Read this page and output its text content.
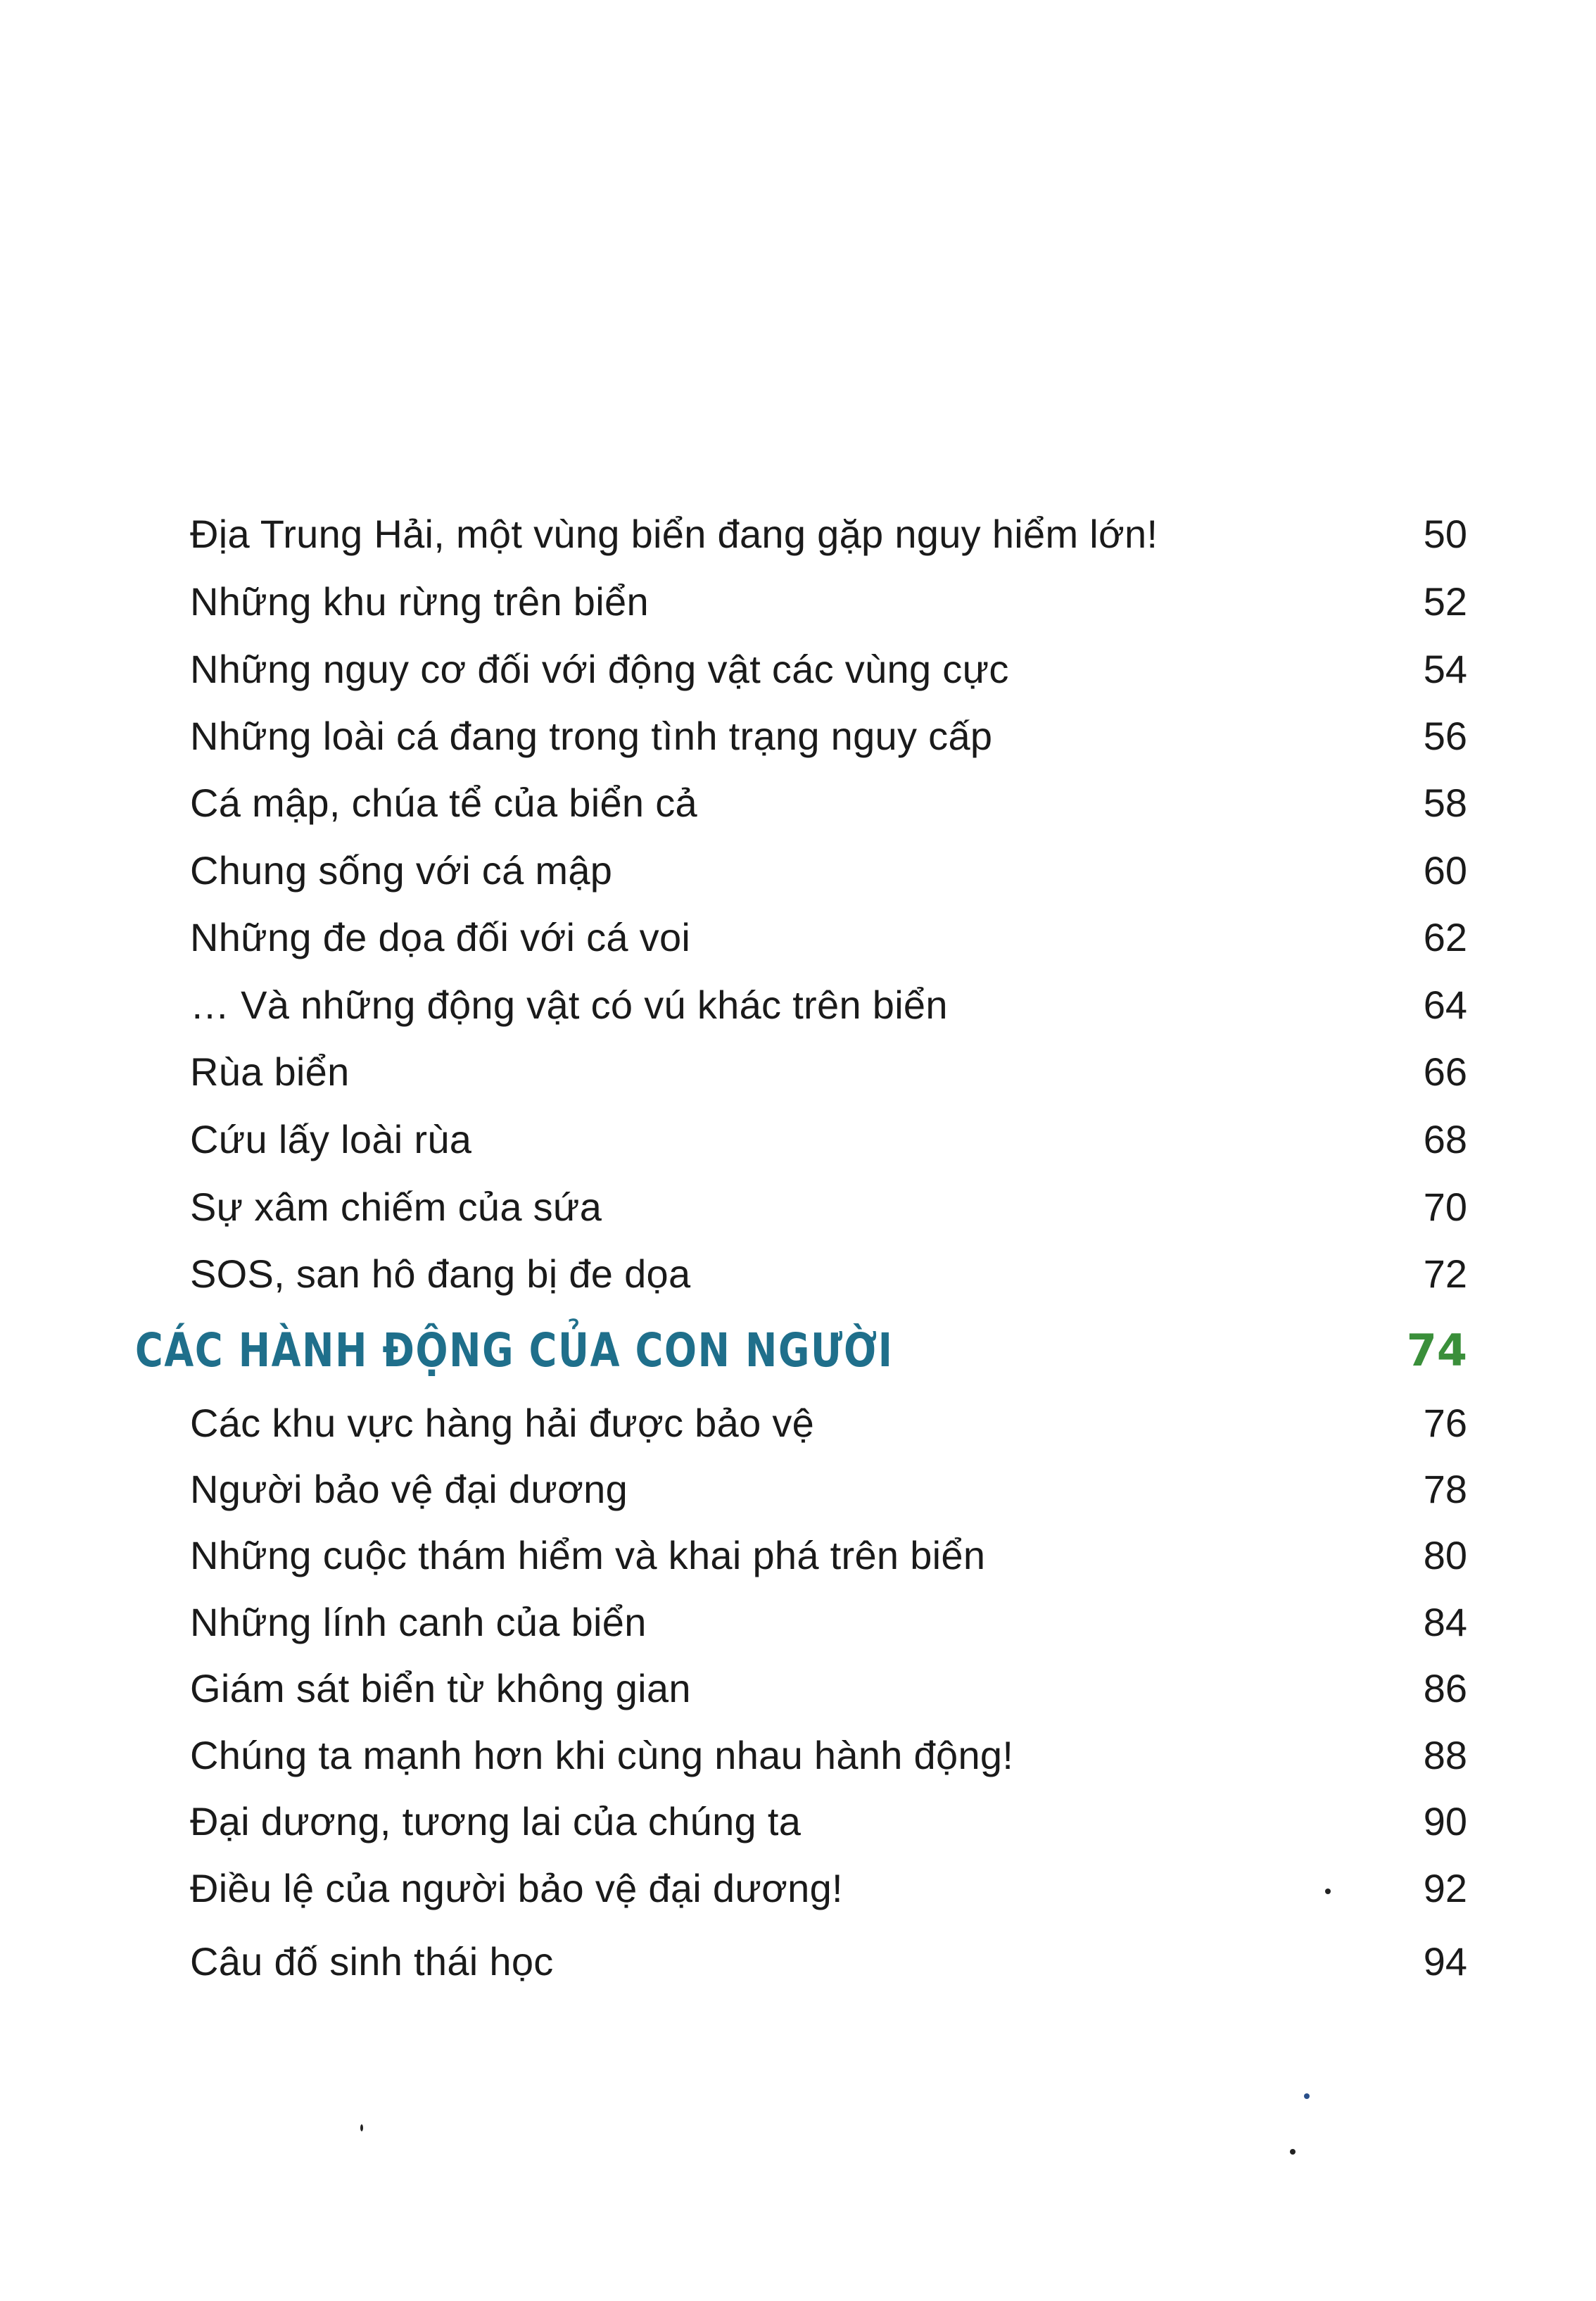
Địa Trung Hải, một vùng biển đang gặp nguy hiểm lớn!	50
Những khu rừng trên biển	52
Những nguy cơ đối với động vật các vùng cực	54
Những loài cá đang trong tình trạng nguy cấp	56
Cá mập, chúa tể của biển cả	58
Chung sống với cá mập	60
Những đe dọa đối với cá voi	62
… Và những động vật có vú khác trên biển	64
Rùa biển	66
Cứu lấy loài rùa	68
Sự xâm chiếm của sứa	70
SOS, san hô đang bị đe dọa	72
CÁC HÀNH ĐỘNG CỦA CON NGƯỜI	74
Các khu vực hàng hải được bảo vệ	76
Người bảo vệ đại dương	78
Những cuộc thám hiểm và khai phá trên biển	80
Những lính canh của biển	84
Giám sát biển từ không gian	86
Chúng ta mạnh hơn khi cùng nhau hành động!	88
Đại dương, tương lai của chúng ta	90
Điều lệ của người bảo vệ đại dương!	92
Câu đố sinh thái học	94
